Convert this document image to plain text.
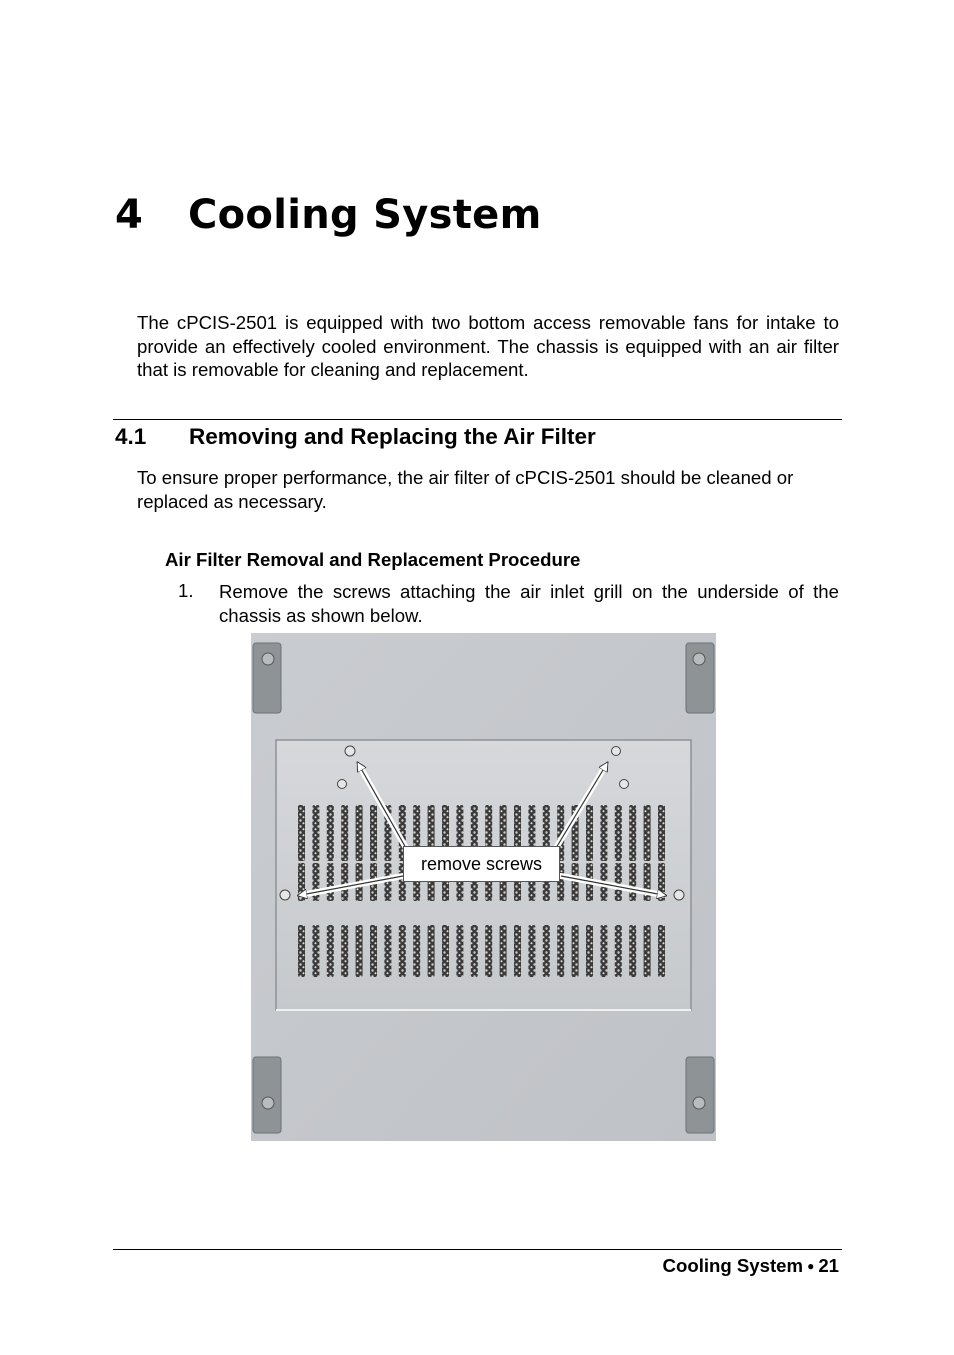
4 Cooling System
The cPCIS-2501 is equipped with two bottom access removable fans for intake to provide an effectively cooled environment. The chassis is equipped with an air filter that is removable for cleaning and replacement.
4.1 Removing and Replacing the Air Filter
To ensure proper performance, the air filter of cPCIS-2501 should be cleaned or replaced as necessary.
Air Filter Removal and Replacement Procedure
1. Remove the screws attaching the air inlet grill on the underside of the chassis as shown below.
remove screws
Cooling System ● 21
